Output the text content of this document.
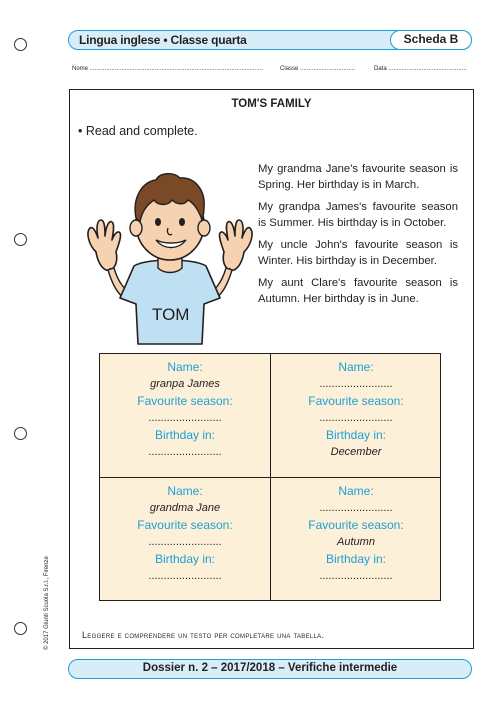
Lingua inglese • Classe quarta	Scheda B
Nome ........................................................................................................	Classe .................................	Data ...............................................
TOM'S FAMILY
• Read and complete.
TOM

My grandma Jane's favourite season is Spring. Her birthday is in March.

My grandpa James's favourite season is Summer. His birthday is in October.

My uncle John's favourite season is Winter. His birthday is in December.

My aunt Clare's favourite season is Autumn. Her birthday is in June.

Name:
granpa James
Favourite season:
........................
Birthday in:
........................
Name:
........................
Favourite season:
........................
Birthday in:
December
Name:
grandma Jane
Favourite season:
........................
Birthday in:
........................
Name:
........................
Favourite season:
Autumn
Birthday in:
........................
Leggere e comprendere un testo per completare una tabella.
© 2017 Giunti Scuola S.r.l., Firenze
Dossier n. 2 – 2017/2018 – Verifiche intermedie
